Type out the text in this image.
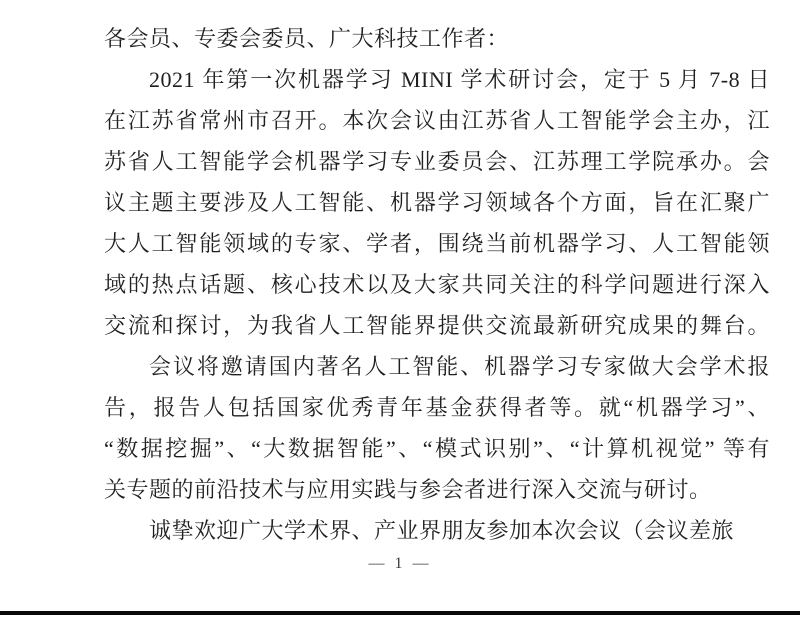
各会员、专委会委员、广大科技工作者：
2021 年第一次机器学习 MINI 学术研讨会，定于 5 月 7-8 日
在江苏省常州市召开。本次会议由江苏省人工智能学会主办，江
苏省人工智能学会机器学习专业委员会、江苏理工学院承办。会
议主题主要涉及人工智能、机器学习领域各个方面，旨在汇聚广
大人工智能领域的专家、学者，围绕当前机器学习、人工智能领
域的热点话题、核心技术以及大家共同关注的科学问题进行深入
交流和探讨，为我省人工智能界提供交流最新研究成果的舞台。
会议将邀请国内著名人工智能、机器学习专家做大会学术报
告，报告人包括国家优秀青年基金获得者等。就“机器学习”、
“数据挖掘”、“大数据智能”、“模式识别”、“计算机视觉” 等有
关专题的前沿技术与应用实践与参会者进行深入交流与研讨。
诚挚欢迎广大学术界、产业界朋友参加本次会议（会议差旅
— 1 —
